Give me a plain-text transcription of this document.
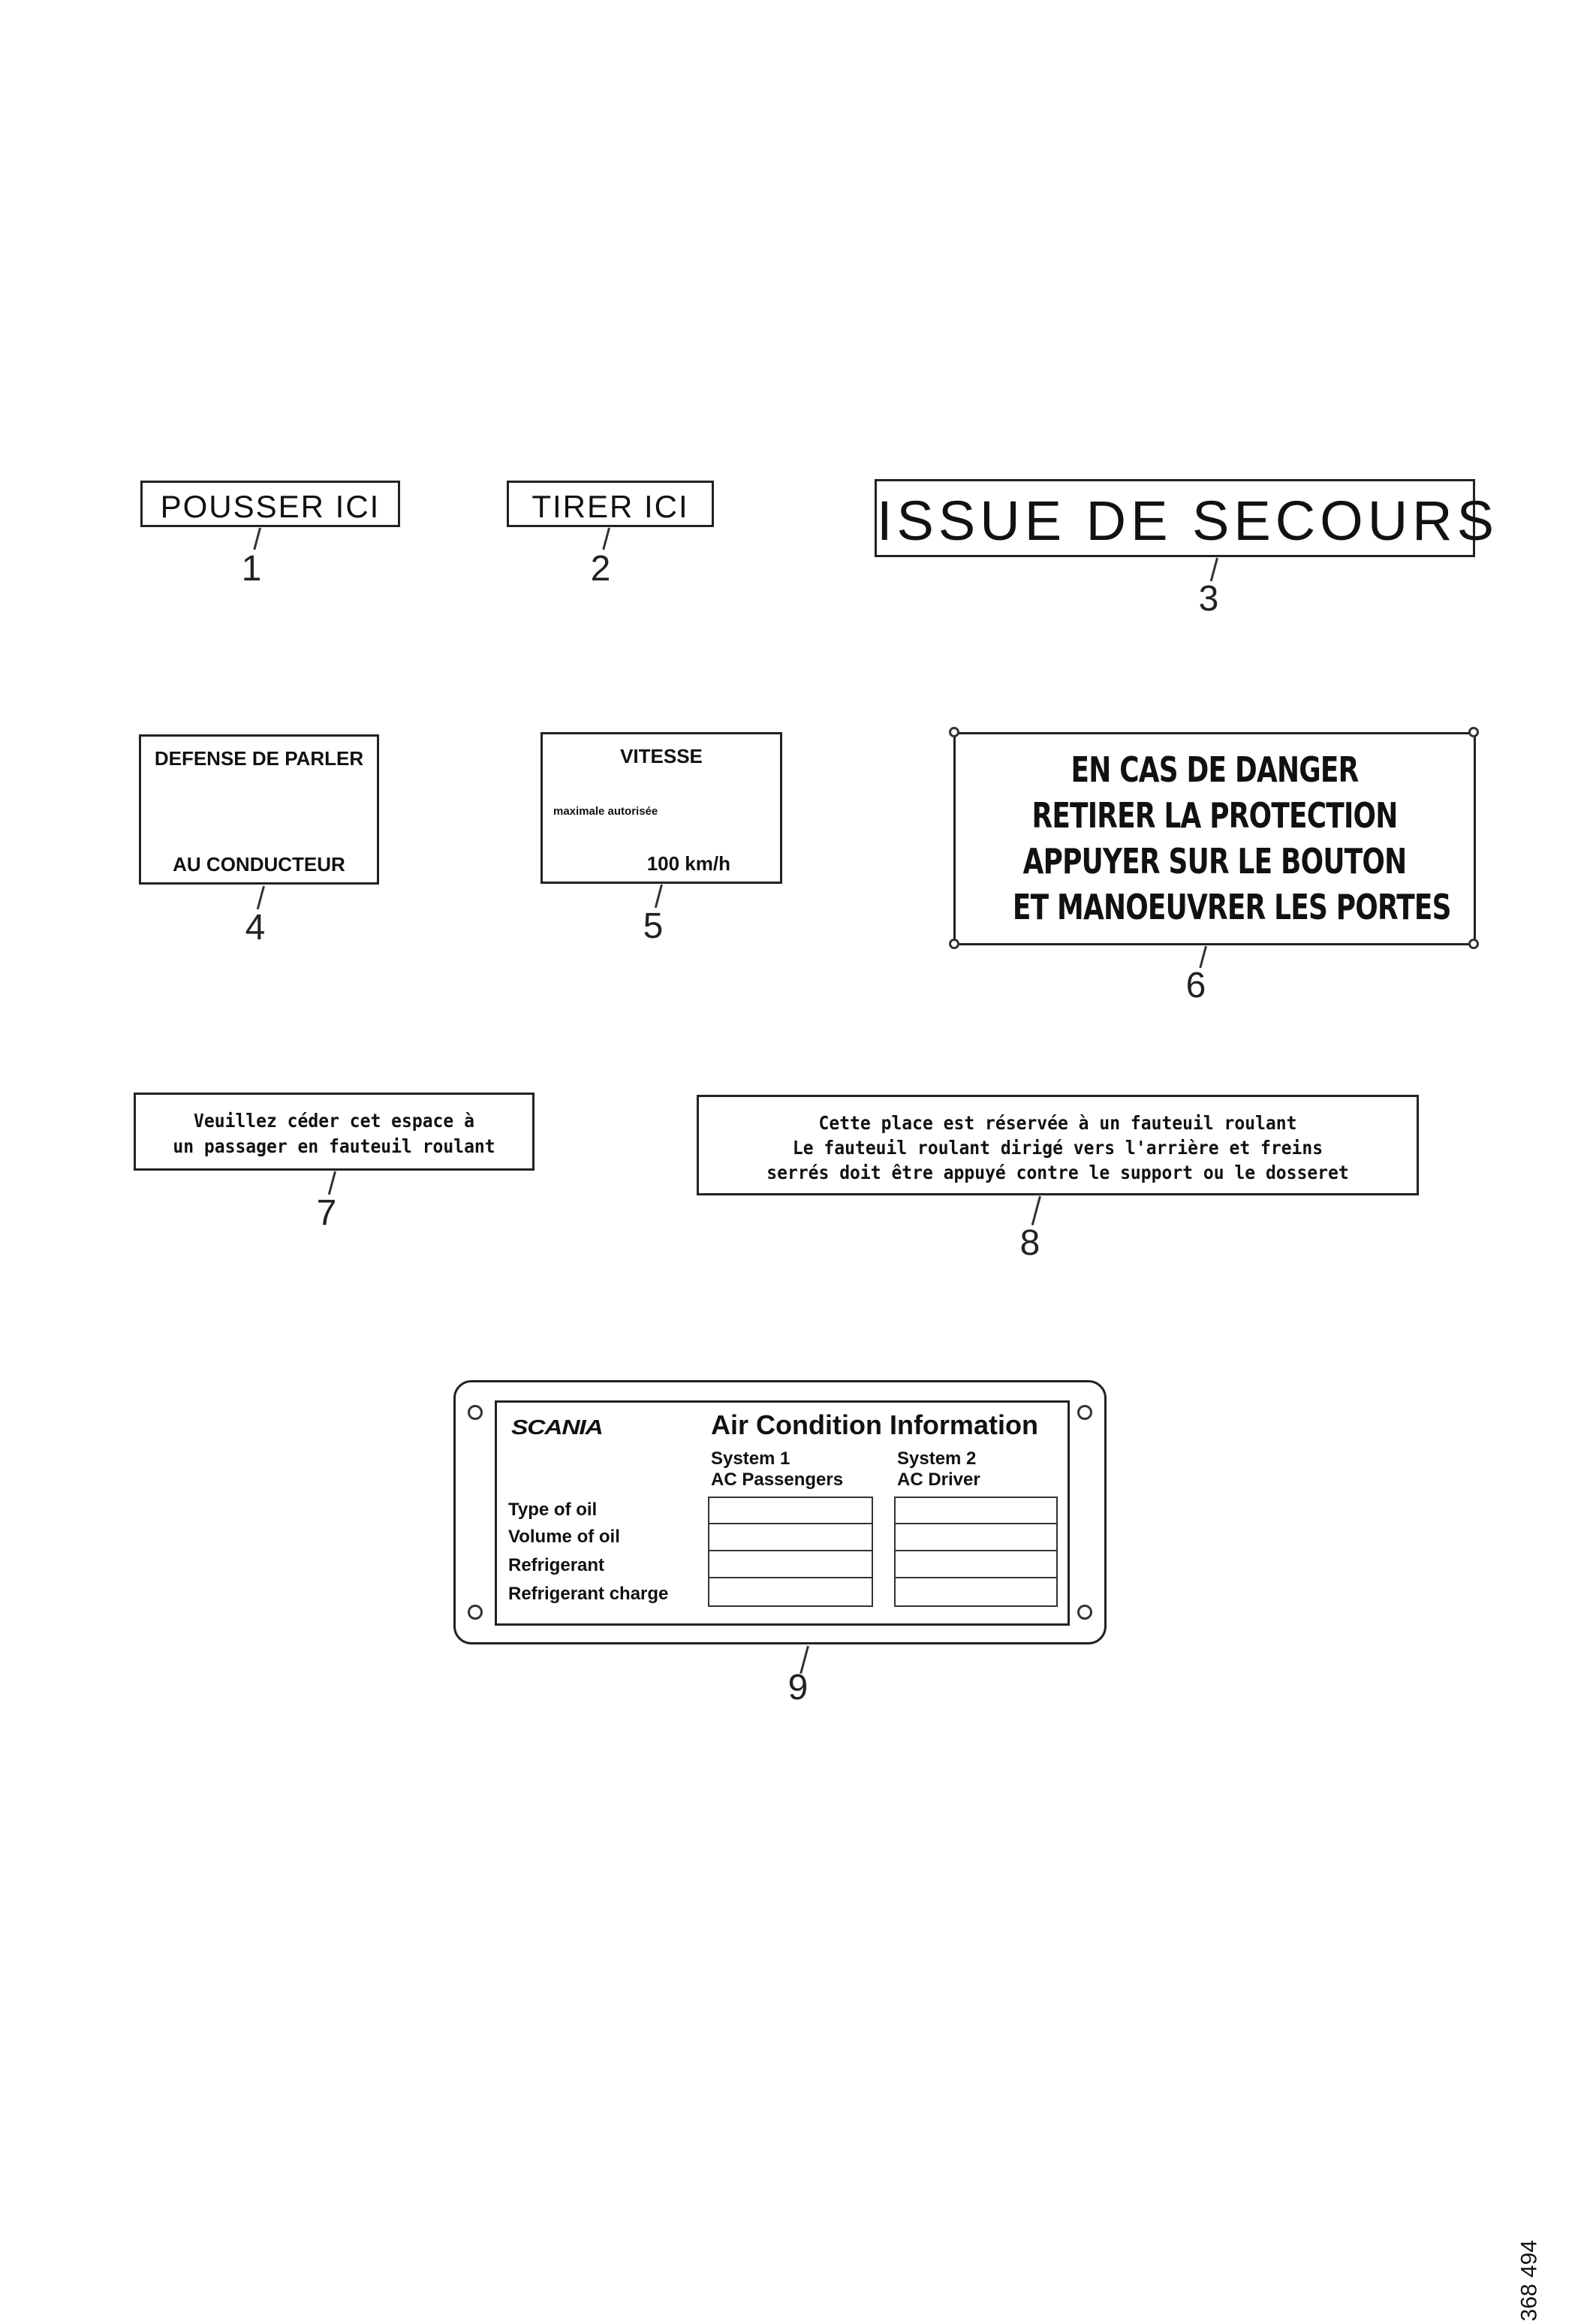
POUSSER ICI
1
TIRER ICI
2
ISSUE DE SECOURS
3
DEFENSE DE PARLER
AU CONDUCTEUR
4
VITESSE
maximale autorisée
100 km/h
5
EN CAS DE DANGER
RETIRER LA PROTECTION
APPUYER SUR LE BOUTON
ET MANOEUVRER LES PORTES
6
Veuillez céder cet espace à
un passager en fauteuil roulant
7
Cette place est réservée à un fauteuil roulant
Le fauteuil roulant dirigé vers l'arrière et freins
serrés doit être appuyé contre le support ou le dosseret
8
SCANIA	Air Condition Information
System 1
AC Passengers
System 2
AC Driver
Type of oil
Volume of oil
Refrigerant
Refrigerant charge
9
368 494
